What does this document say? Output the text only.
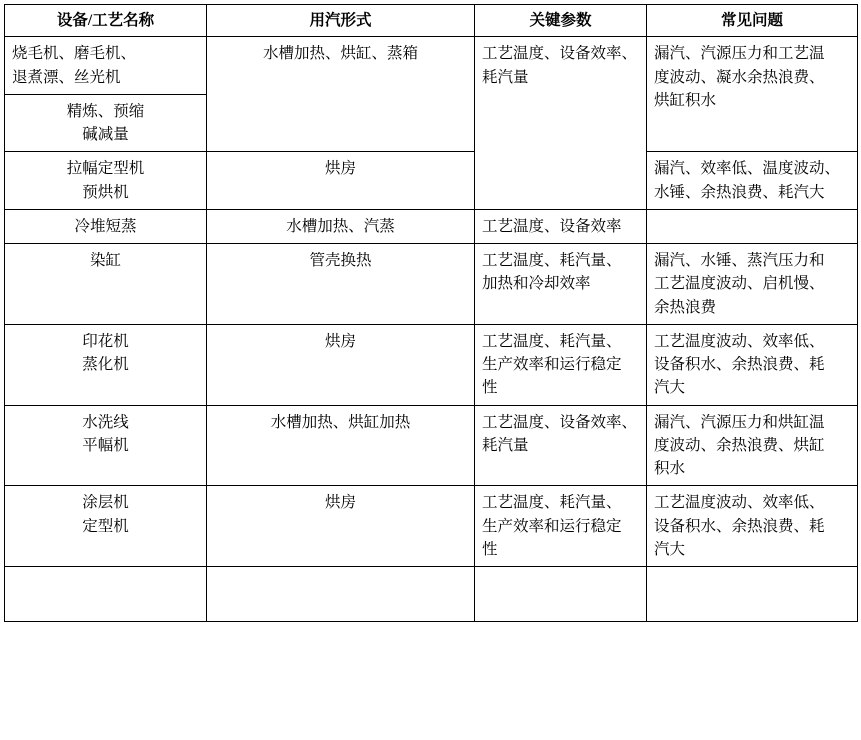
设备/工艺名称	用汽形式	关键参数	常见问题

烧毛机、磨毛机、
退煮漂、丝光机	水槽加热、烘缸、蒸箱	工艺温度、设备效率、
耗汽量	漏汽、汽源压力和工艺温
度波动、凝水余热浪费、
烘缸积水

精炼、预缩
碱减量			

拉幅定型机
预烘机	烘房		漏汽、效率低、温度波动、
水锤、余热浪费、耗汽大

冷堆短蒸	水槽加热、汽蒸	工艺温度、设备效率	

染缸	管壳换热	工艺温度、耗汽量、
加热和冷却效率	漏汽、水锤、蒸汽压力和
工艺温度波动、启机慢、
余热浪费

印花机
蒸化机	烘房	工艺温度、耗汽量、
生产效率和运行稳定
性	工艺温度波动、效率低、
设备积水、余热浪费、耗
汽大

水洗线
平幅机	水槽加热、烘缸加热	工艺温度、设备效率、
耗汽量	漏汽、汽源压力和烘缸温
度波动、余热浪费、烘缸
积水

涂层机
定型机	烘房	工艺温度、耗汽量、
生产效率和运行稳定
性	工艺温度波动、效率低、
设备积水、余热浪费、耗
汽大
